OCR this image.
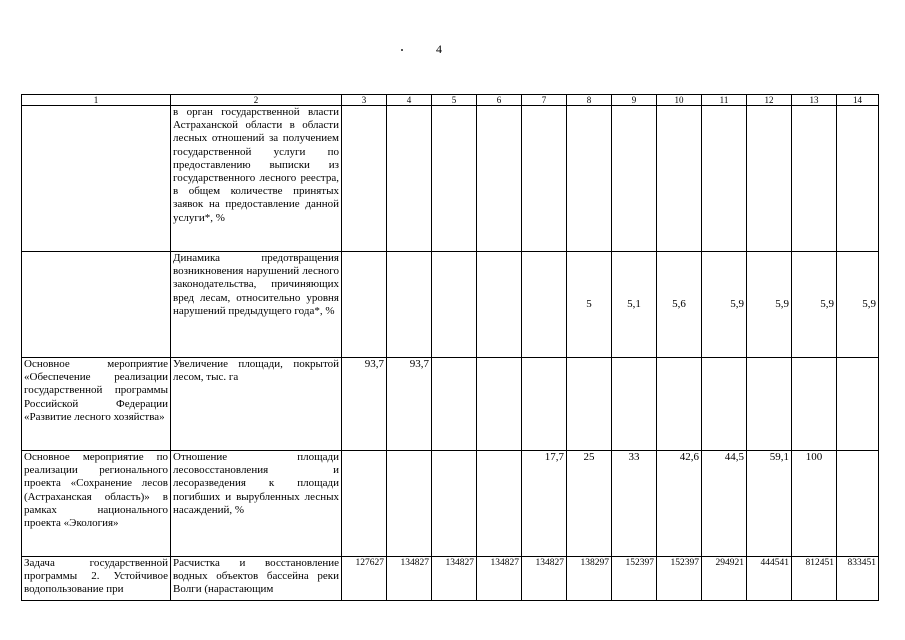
4
1	2	3	4	5	6	7	8	9	10	11	12	13	14
	в орган государственной власти Астраханской области в области лесных отношений за получением государственной услуги по предоставлению выписки из государственного лесного реестра, в общем количестве принятых заявок на предоставление данной услуги*, %												
	Динамика предотвращения возникновения нарушений лесного законодательства, причиняющих вред лесам, относительно уровня нарушений предыдущего года*, %						5	5,1	5,6	5,9	5,9	5,9	5,9
Основное мероприятие «Обеспечение реализации государственной программы Российской Федерации «Развитие лесного хозяйства»	Увеличение площади, покрытой лесом, тыс. га	93,7	93,7										
Основное мероприятие по реализации регионального проекта «Сохранение лесов (Астраханская область)» в рамках национального проекта «Экология»	Отношение площади лесовосстановления и лесоразведения к площади погибших и вырубленных лесных насаждений, %					17,7	25	33	42,6	44,5	59,1	100	
Задача государственной программы 2. Устойчивое водопользование при	Расчистка и восстановление водных объектов бассейна реки Волги (нарастающим	127627	134827	134827	134827	134827	138297	152397	152397	294921	444541	812451	833451
